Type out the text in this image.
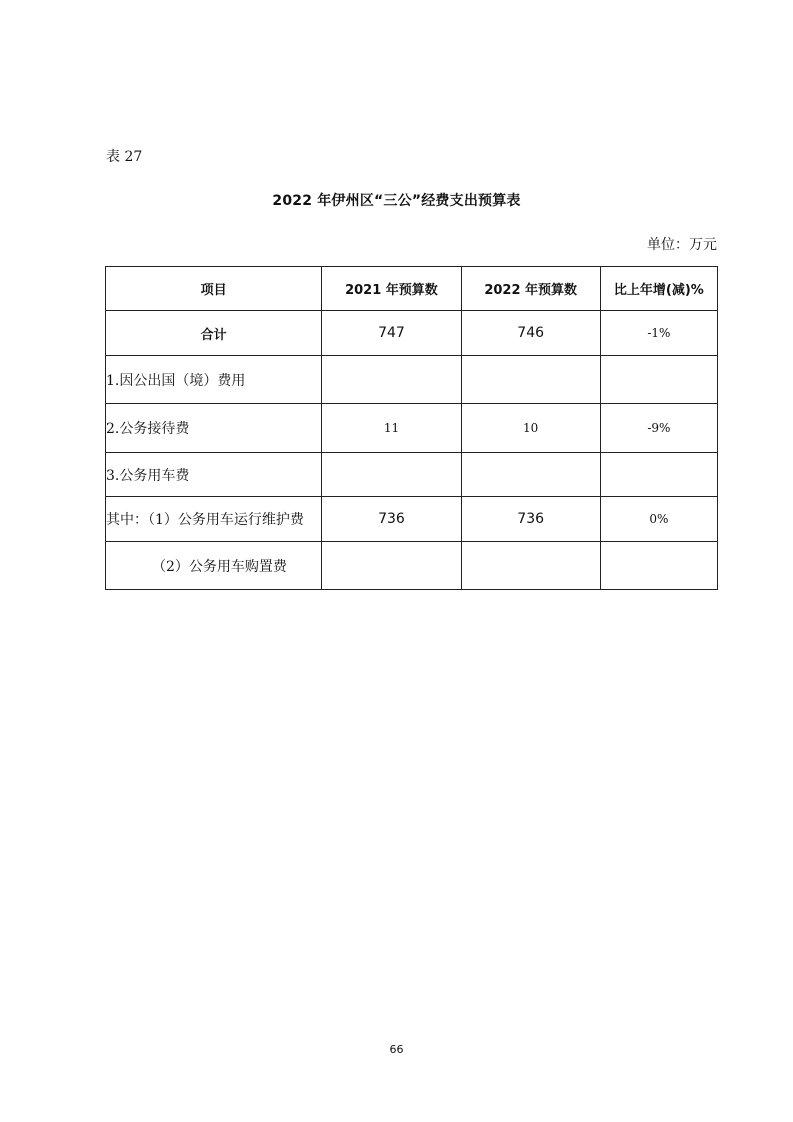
表 27
2022 年伊州区“三公”经费支出预算表
单位：万元
项目	2021 年预算数	2022 年预算数	比上年增(减)%
合计	747	746	-1%
1.因公出国（境）费用			
2.公务接待费	11	10	-9%
3.公务用车费			
其中：（1）公务用车运行维护费	736	736	0%
（2）公务用车购置费			
66
